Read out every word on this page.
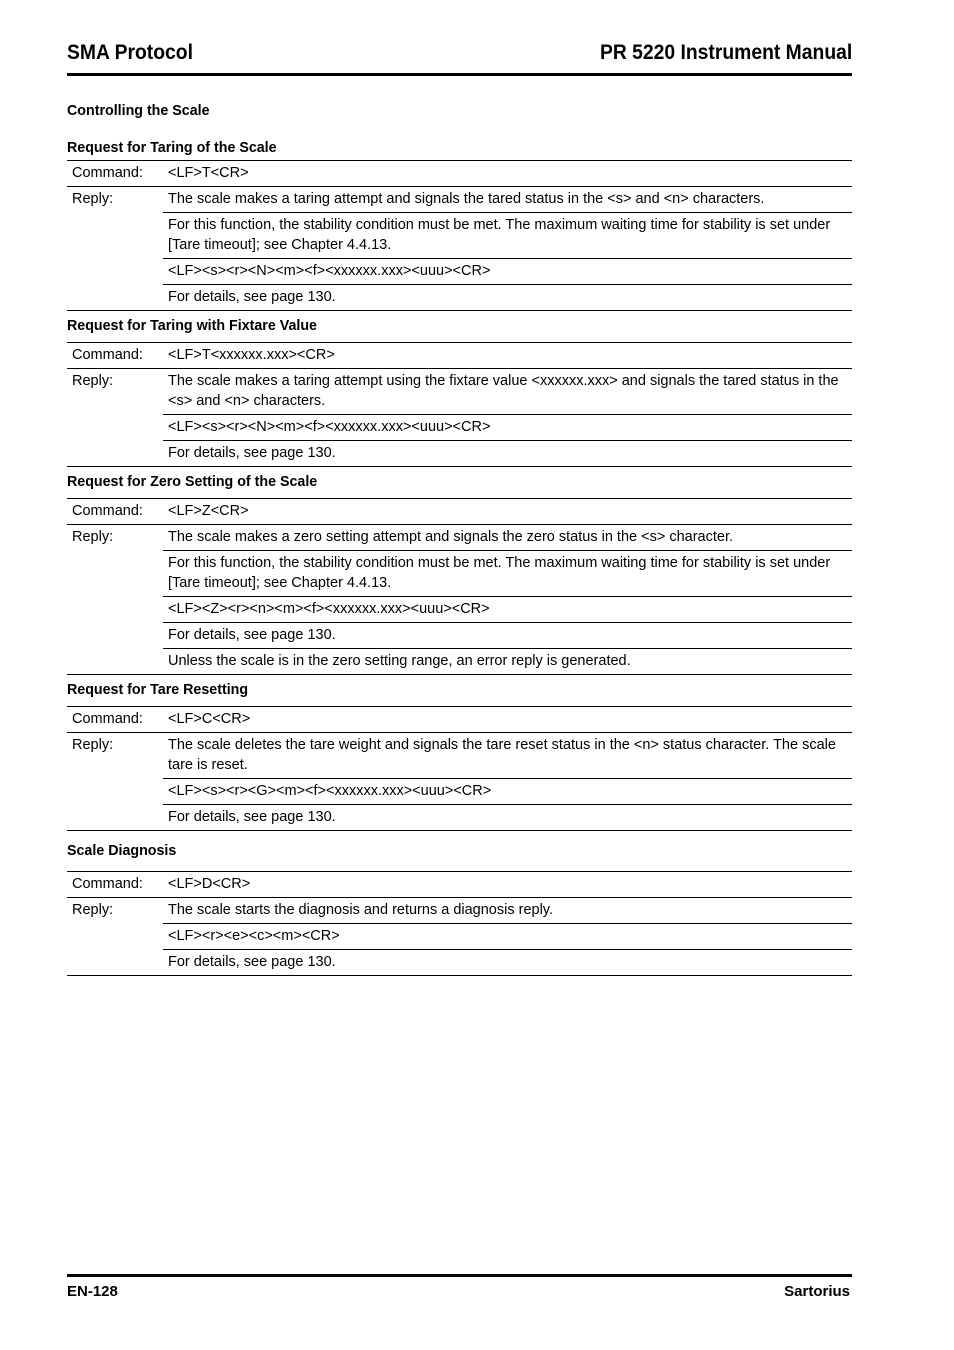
SMA Protocol	PR 5220 Instrument Manual
Controlling the Scale
Request for Taring of the Scale
Command:	<LF>T<CR>
Reply:	The scale makes a taring attempt and signals the tared status in the <s> and <n> characters.
	For this function, the stability condition must be met. The maximum waiting time for stability is set under [Tare timeout]; see Chapter 4.4.13.
	<LF><s><r><N><m><f><xxxxxx.xxx><uuu><CR>
	For details, see page 130.
Request for Taring with Fixtare Value
Command:	<LF>T<xxxxxx.xxx><CR>
Reply:	The scale makes a taring attempt using the fixtare value <xxxxxx.xxx> and signals the tared status in the <s> and <n> characters.
	<LF><s><r><N><m><f><xxxxxx.xxx><uuu><CR>
	For details, see page 130.
Request for Zero Setting of the Scale
Command:	<LF>Z<CR>
Reply:	The scale makes a zero setting attempt and signals the zero status in the <s> character.
	For this function, the stability condition must be met. The maximum waiting time for stability is set under [Tare timeout]; see Chapter 4.4.13.
	<LF><Z><r><n><m><f><xxxxxx.xxx><uuu><CR>
	For details, see page 130.
	Unless the scale is in the zero setting range, an error reply is generated.
Request for Tare Resetting
Command:	<LF>C<CR>
Reply:	The scale deletes the tare weight and signals the tare reset status in the <n> status character. The scale tare is reset.
	<LF><s><r><G><m><f><xxxxxx.xxx><uuu><CR>
	For details, see page 130.
Scale Diagnosis
Command:	<LF>D<CR>
Reply:	The scale starts the diagnosis and returns a diagnosis reply.
	<LF><r><e><c><m><CR>
	For details, see page 130.
EN-128	Sartorius
